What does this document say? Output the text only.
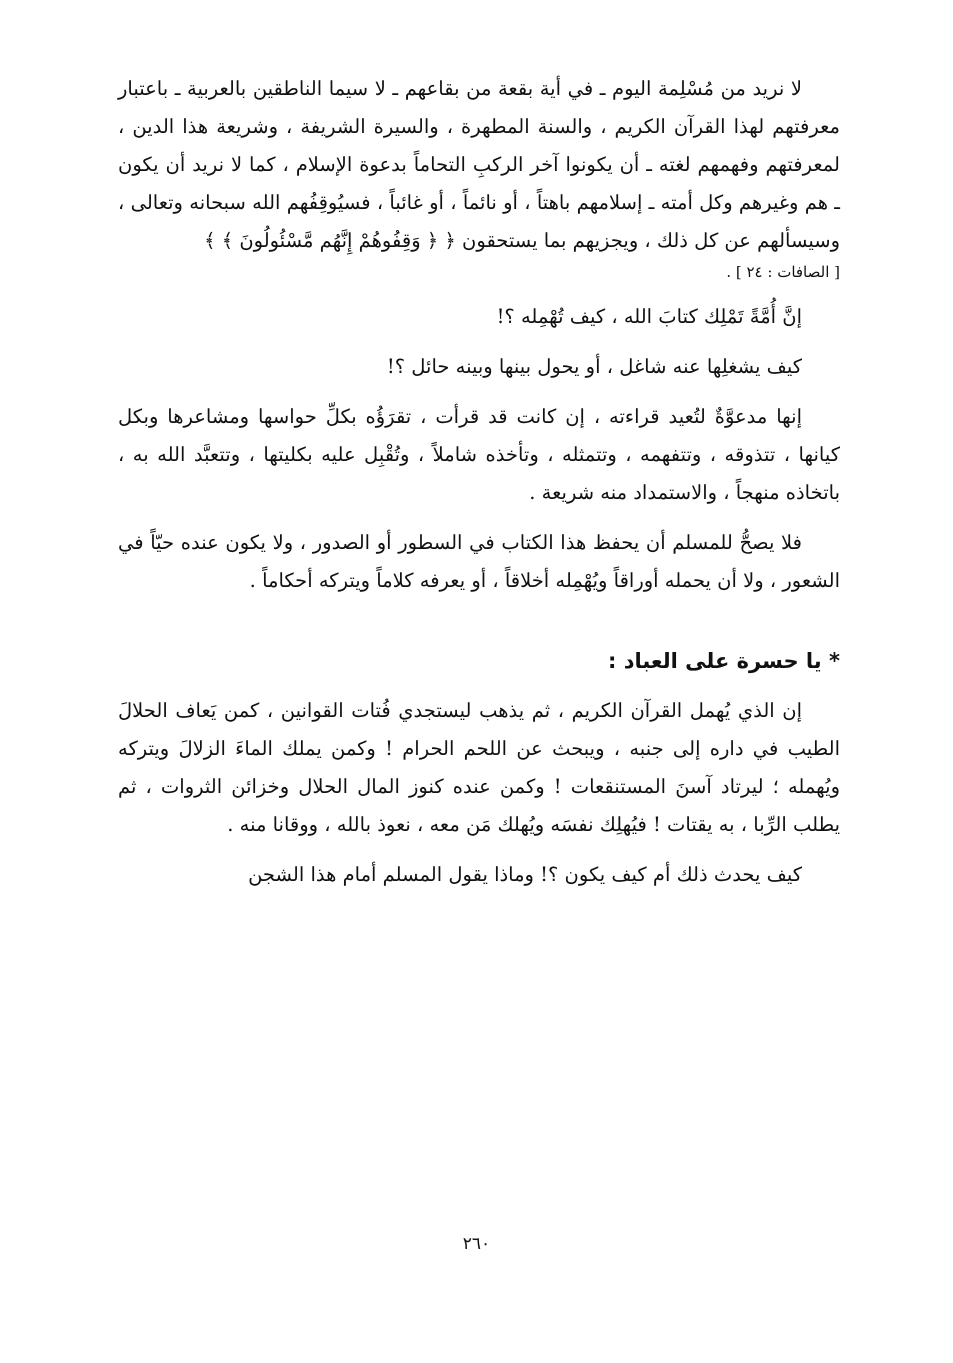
لا نريد من مُسْلِمة اليوم ـ في أية بقعة من بقاعهم ـ لا سيما الناطقين بالعربية ـ باعتبار معرفتهم لهذا القرآن الكريم ، والسنة المطهرة ، والسيرة الشريفة ، وشريعة هذا الدين ، لمعرفتهم وفهمهم لغته ـ أن يكونوا آخر الركبِ التحاماً بدعوة الإسلام ، كما لا نريد أن يكون ـ هم وغيرهم وكل أمته ـ إسلامهم باهتاً ، أو نائماً ، أو غائباً ، فسيُوقِفُهم الله سبحانه وتعالى ، وسيسألهم عن كل ذلك ، ويجزيهم بما يستحقون ﴿ ﴿ وَقِفُوهُمْ إِنَّهُم مَّسْئُولُونَ ﴾ ﴾

[ الصافات : ٢٤ ] .

إنَّ أُمَّةً تَمْلِك كتابَ الله ، كيف تُهْمِله ؟!

كيف يشغلِها عنه شاغل ، أو يحول بينها وبينه حائل ؟!

إنها مدعوَّةٌ لتُعيد قراءته ، إن كانت قد قرأت ، تقرَؤُه بكلِّ حواسها ومشاعرها وبكل كيانها ، تتذوقه ، وتتفهمه ، وتتمثله ، وتأخذه شاملاً ، وتُقْبِل عليه بكليتها ، وتتعبَّد الله به ، باتخاذه منهجاً ، والاستمداد منه شريعة .

فلا يصحُّ للمسلم أن يحفظ هذا الكتاب في السطور أو الصدور ، ولا يكون عنده حيّاً في الشعور ، ولا أن يحمله أوراقاً ويُهْمِله أخلاقاً ، أو يعرفه كلاماً ويتركه أحكاماً .

* يا حسرة على العباد :

إن الذي يُهمل القرآن الكريم ، ثم يذهب ليستجدي فُتات القوانين ، كمن يَعاف الحلالَ الطيب في داره إلى جنبه ، ويبحث عن اللحم الحرام ! وكمن يملك الماءَ الزلالَ ويتركه ويُهمله ؛ ليرتاد آسنَ المستنقعات ! وكمن عنده كنوز المال الحلال وخزائن الثروات ، ثم يطلب الرِّبا ، به يقتات ! فيُهلِك نفسَه ويُهلك مَن معه ، نعوذ بالله ، ووقانا منه .

كيف يحدث ذلك أم كيف يكون ؟! وماذا يقول المسلم أمام هذا الشجن

٢٦٠
